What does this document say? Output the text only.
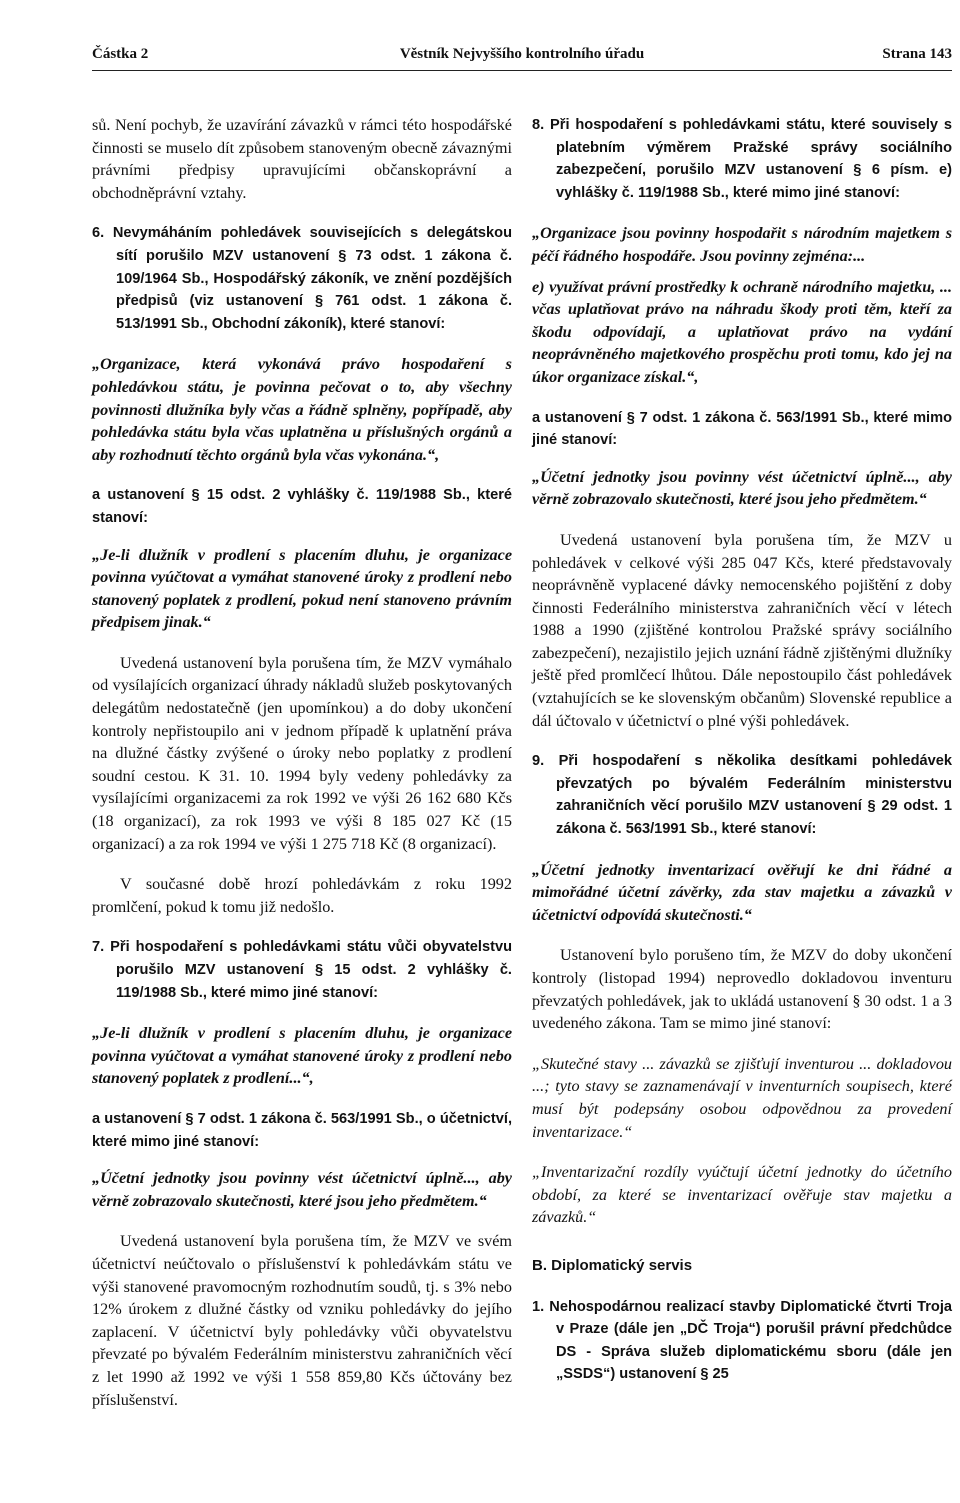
Částka 2	Věstník Nejvyššího kontrolního úřadu	Strana 143

sů. Není pochyb, že uzavírání závazků v rámci této hospodářské činnosti se muselo dít způsobem stanoveným obecně závaznými právními předpisy upravujícími občanskoprávní a obchodněprávní vztahy.

6. Nevymáháním pohledávek souvisejících s delegátskou sítí porušilo MZV ustanovení § 73 odst. 1 zákona č. 109/1964 Sb., Hospodářský zákoník, ve znění pozdějších předpisů (viz ustanovení § 761 odst. 1 zákona č. 513/1991 Sb., Obchodní zákoník), které stanoví:

„Organizace, která vykonává právo hospodaření s pohledávkou státu, je povinna pečovat o to, aby všechny povinnosti dlužníka byly včas a řádně splněny, popřípadě, aby pohledávka státu byla včas uplatněna u příslušných orgánů a aby rozhodnutí těchto orgánů byla včas vykonána.“,

a ustanovení § 15 odst. 2 vyhlášky č. 119/1988 Sb., které stanoví:

„Je-li dlužník v prodlení s placením dluhu, je organizace povinna vyúčtovat a vymáhat stanovené úroky z prodlení nebo stanovený poplatek z prodlení, pokud není stanoveno právním předpisem jinak.“

Uvedená ustanovení byla porušena tím, že MZV vymáhalo od vysílajících organizací úhrady nákladů služeb poskytovaných delegátům nedostatečně (jen upomínkou) a do doby ukončení kontroly nepřistoupilo ani v jednom případě k uplatnění práva na dlužné částky zvýšené o úroky nebo poplatky z prodlení soudní cestou. K 31. 10. 1994 byly vedeny pohledávky za vysílajícími organizacemi za rok 1992 ve výši 26 162 680 Kčs (18 organizací), za rok 1993 ve výši 8 185 027 Kč (15 organizací) a za rok 1994 ve výši 1 275 718 Kč (8 organizací).

V současné době hrozí pohledávkám z roku 1992 promlčení, pokud k tomu již nedošlo.

7. Při hospodaření s pohledávkami státu vůči obyvatelstvu porušilo MZV ustanovení § 15 odst. 2 vyhlášky č. 119/1988 Sb., které mimo jiné stanoví:

„Je-li dlužník v prodlení s placením dluhu, je organizace povinna vyúčtovat a vymáhat stanovené úroky z prodlení nebo stanovený poplatek z prodlení...“,

a ustanovení § 7 odst. 1 zákona č. 563/1991 Sb., o účetnictví, které mimo jiné stanoví:

„Účetní jednotky jsou povinny vést účetnictví úplně..., aby věrně zobrazovalo skutečnosti, které jsou jeho předmětem.“

Uvedená ustanovení byla porušena tím, že MZV ve svém účetnictví neúčtovalo o příslušenství k pohledávkám státu ve výši stanovené pravomocným rozhodnutím soudů, tj. s 3% nebo 12% úrokem z dlužné částky od vzniku pohledávky do jejího zaplacení. V účetnictví byly pohledávky vůči obyvatelstvu převzaté po bývalém Federálním ministerstvu zahraničních věcí z let 1990 až 1992 ve výši 1 558 859,80 Kčs účtovány bez příslušenství.

8. Při hospodaření s pohledávkami státu, které souvisely s platebním výměrem Pražské správy sociálního zabezpečení, porušilo MZV ustanovení § 6 písm. e) vyhlášky č. 119/1988 Sb., které mimo jiné stanoví:

„Organizace jsou povinny hospodařit s národním majetkem s péčí řádného hospodáře. Jsou povinny zejména:...

e) využívat právní prostředky k ochraně národního majetku, ... včas uplatňovat právo na náhradu škody proti těm, kteří za škodu odpovídají, a uplatňovat právo na vydání neoprávněného majetkového prospěchu proti tomu, kdo jej na úkor organizace získal.“,

a ustanovení § 7 odst. 1 zákona č. 563/1991 Sb., které mimo jiné stanoví:

„Účetní jednotky jsou povinny vést účetnictví úplně..., aby věrně zobrazovalo skutečnosti, které jsou jeho předmětem.“

Uvedená ustanovení byla porušena tím, že MZV u pohledávek v celkové výši 285 047 Kčs, které představovaly neoprávněně vyplacené dávky nemocenského pojištění z doby činnosti Federálního ministerstva zahraničních věcí v létech 1988 a 1990 (zjištěné kontrolou Pražské správy sociálního zabezpečení), nezajistilo jejich uznání řádně zjištěnými dlužníky ještě před promlčecí lhůtou. Dále nepostoupilo část pohledávek (vztahujících se ke slovenským občanům) Slovenské republice a dál účtovalo v účetnictví o plné výši pohledávek.

9. Při hospodaření s několika desítkami pohledávek převzatých po bývalém Federálním ministerstvu zahraničních věcí porušilo MZV ustanovení § 29 odst. 1 zákona č. 563/1991 Sb., které stanoví:

„Účetní jednotky inventarizací ověřují ke dni řádné a mimořádné účetní závěrky, zda stav majetku a závazků v účetnictví odpovídá skutečnosti.“

Ustanovení bylo porušeno tím, že MZV do doby ukončení kontroly (listopad 1994) neprovedlo dokladovou inventuru převzatých pohledávek, jak to ukládá ustanovení § 30 odst. 1 a 3 uvedeného zákona. Tam se mimo jiné stanoví:

„Skutečné stavy ... závazků se zjišťují inventurou ... dokladovou ...; tyto stavy se zaznamenávají v inventurních soupisech, které musí být podepsány osobou odpovědnou za provedení inventarizace.“

„Inventarizační rozdíly vyúčtují účetní jednotky do účetního období, za které se inventarizací ověřuje stav majetku a závazků.“

B. Diplomatický servis

1. Nehospodárnou realizací stavby Diplomatické čtvrti Troja v Praze (dále jen „DČ Troja“) porušil právní předchůdce DS - Správa služeb diplomatickému sboru (dále jen „SSDS“) ustanovení § 25
